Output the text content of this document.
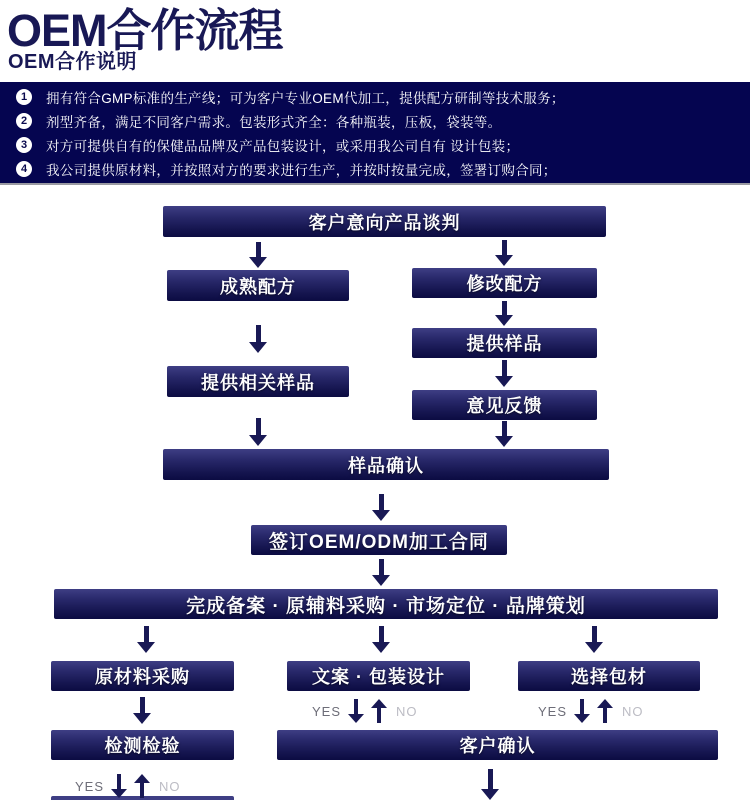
OEM合作流程
OEM合作说明
1	拥有符合GMP标准的生产线；可为客户专业OEM代加工，提供配方研制等技术服务；
2	剂型齐备，满足不同客户需求。包装形式齐全：各种瓶装，压板，袋装等。
3	对方可提供自有的保健品品牌及产品包装设计，或采用我公司自有 设计包装；
4	我公司提供原材料，并按照对方的要求进行生产，并按时按量完成，签署订购合同；
客户意向产品谈判
成熟配方	修改配方
提供样品
提供相关样品
意见反馈
样品确认
签订OEM/ODM加工合同
完成备案 · 原辅料采购 · 市场定位 · 品牌策划
原材料采购	文案 · 包装设计	选择包材
检测检验	客户确认
YES	NO	YES	NO
YES	NO
